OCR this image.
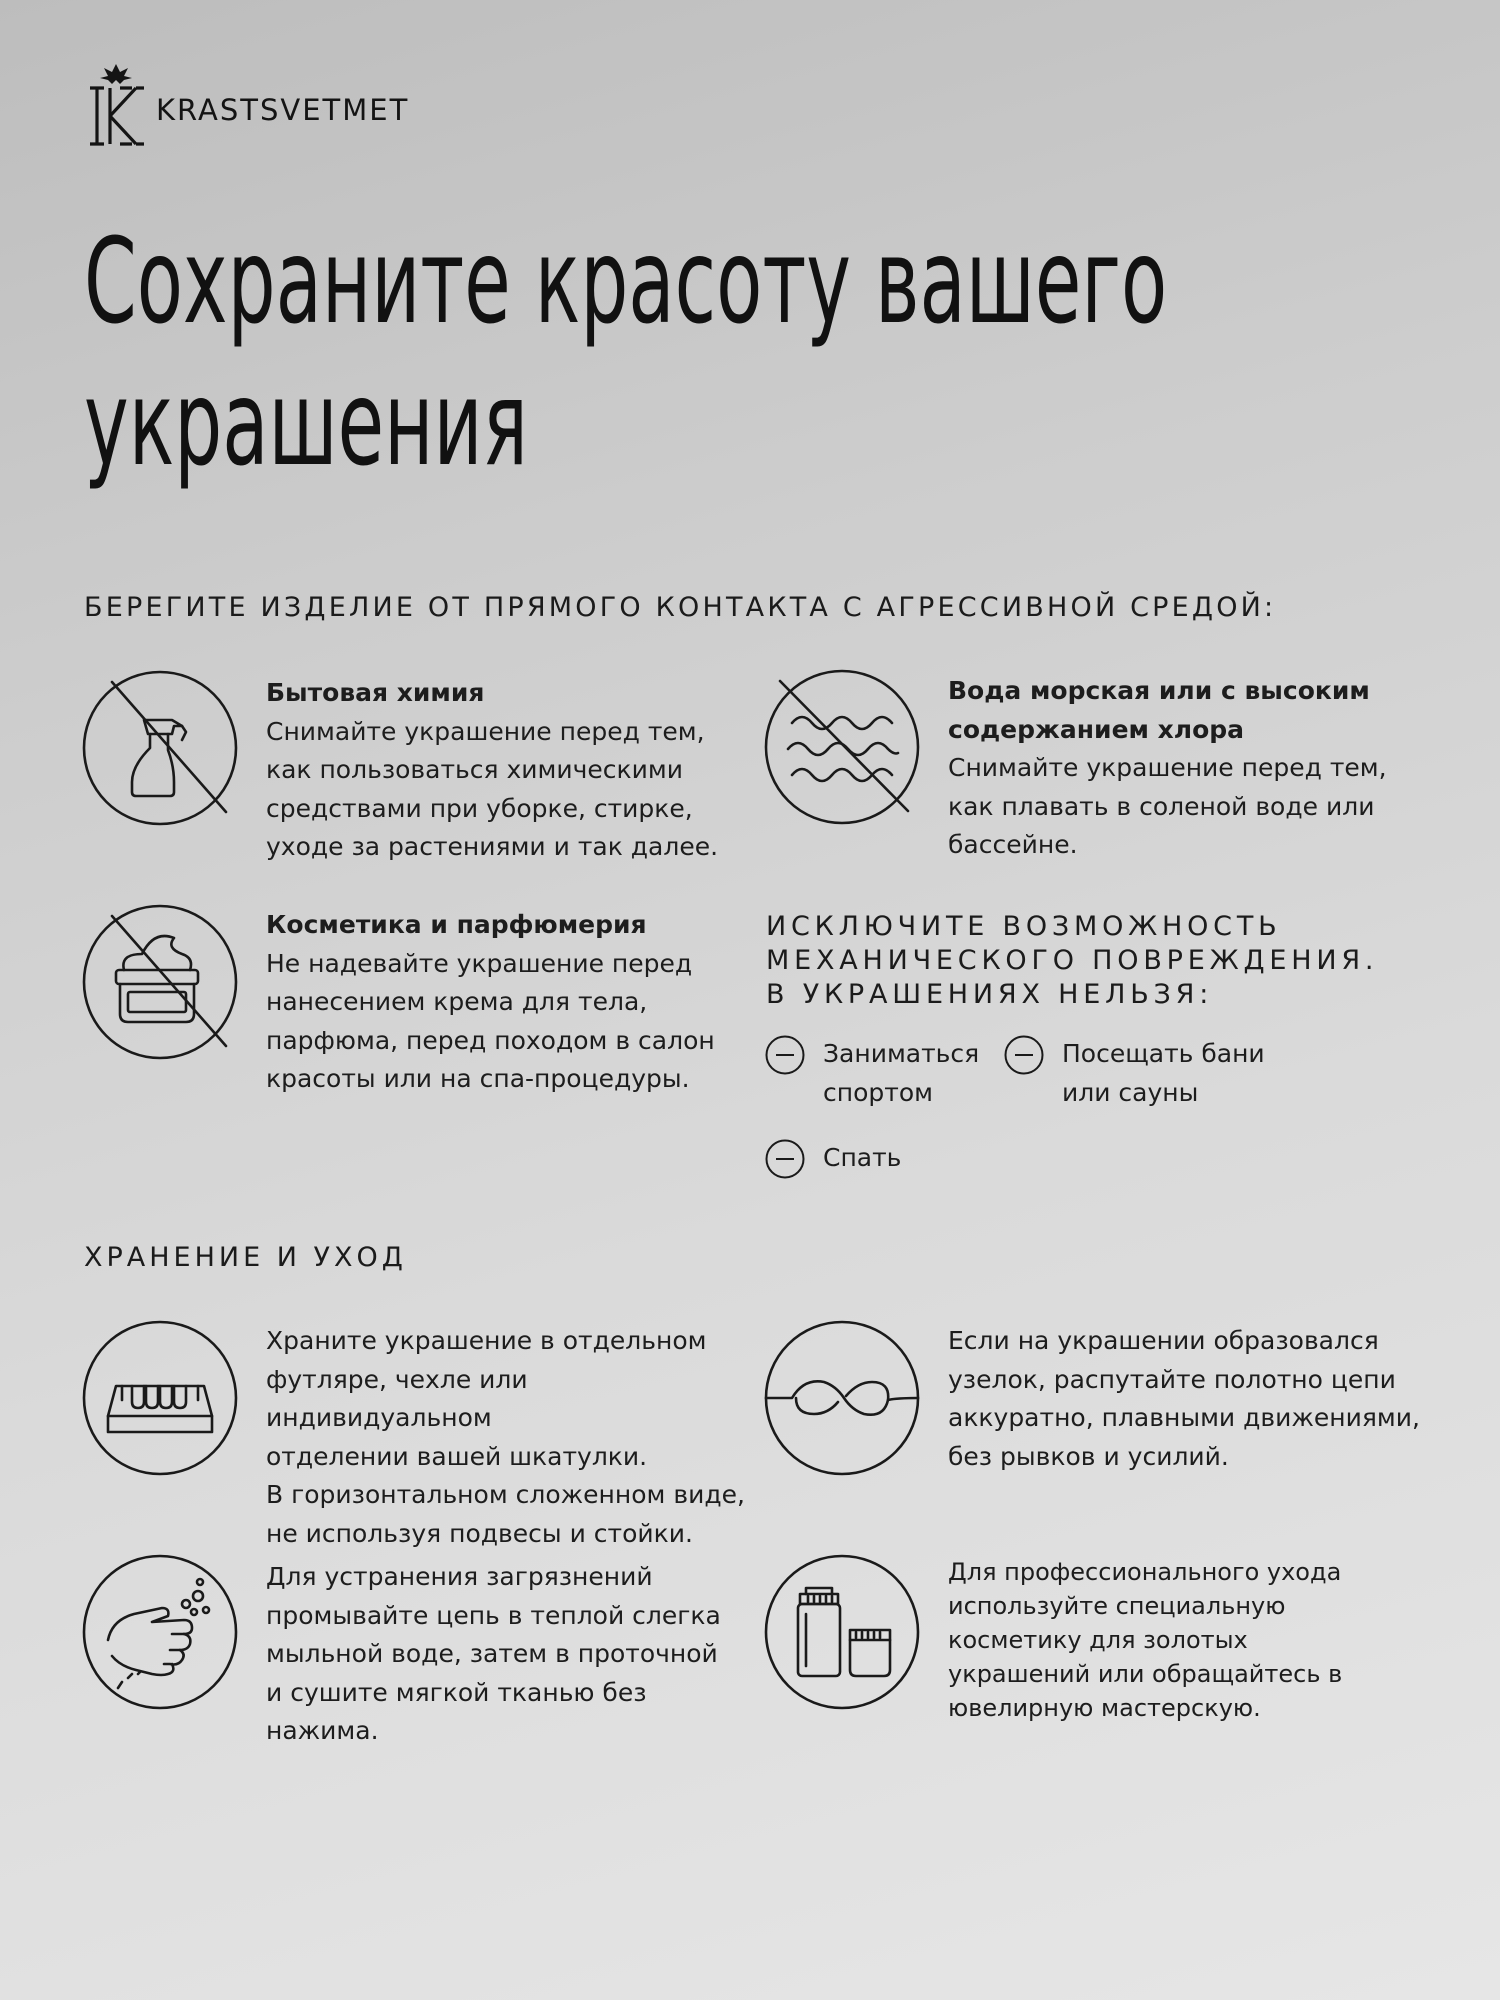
KRASTSVETMET
Сохраните красоту вашего
украшения
БЕРЕГИТЕ ИЗДЕЛИЕ ОТ ПРЯМОГО КОНТАКТА С АГРЕССИВНОЙ СРЕДОЙ:
Бытовая химия
Снимайте украшение перед тем,
как пользоваться химическими
средствами при уборке, стирке,
уходе за растениями и так далее.
Вода морская или с высоким
содержанием хлора
Снимайте украшение перед тем,
как плавать в соленой воде или
бассейне.
Косметика и парфюмерия
Не надевайте украшение перед
нанесением крема для тела,
парфюма, перед походом в салон
красоты или на спа-процедуры.
ИСКЛЮЧИТЕ ВОЗМОЖНОСТЬ
МЕХАНИЧЕСКОГО ПОВРЕЖДЕНИЯ.
В УКРАШЕНИЯХ НЕЛЬЗЯ:
Заниматься
спортом
Посещать бани
или сауны
Спать
ХРАНЕНИЕ И УХОД
Храните украшение в отдельном
футляре, чехле или индивидуальном
отделении вашей шкатулки.
В горизонтальном сложенном виде,
не используя подвесы и стойки.
Если на украшении образовался
узелок, распутайте полотно цепи
аккуратно, плавными движениями,
без рывков и усилий.
Для устранения загрязнений
промывайте цепь в теплой слегка
мыльной воде, затем в проточной
и сушите мягкой тканью без нажима.
Для профессионального ухода
используйте специальную
косметику для золотых
украшений или обращайтесь в
ювелирную мастерскую.
